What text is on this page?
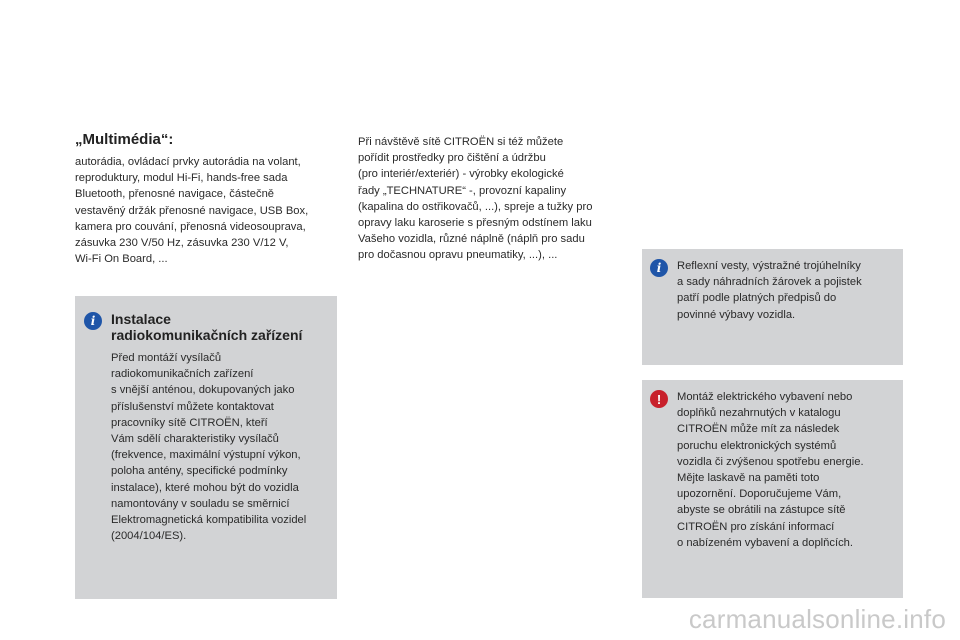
„Multimédia“:
autorádia, ovládací prvky autorádia na volant,
reproduktury, modul Hi-Fi, hands-free sada
Bluetooth, přenosné navigace, částečně
vestavěný držák přenosné navigace, USB Box,
kamera pro couvání, přenosná videosouprava,
zásuvka 230 V/50 Hz, zásuvka 230 V/12 V,
Wi-Fi On Board, ...
Při návštěvě sítě CITROËN si též můžete
pořídit prostředky pro čištění a údržbu
(pro interiér/exteriér) - výrobky ekologické
řady „TECHNATURE“ -, provozní kapaliny
(kapalina do ostřikovačů, ...), spreje a tužky pro
opravy laku karoserie s přesným odstínem laku
Vašeho vozidla, různé náplně (náplň pro sadu
pro dočasnou opravu pneumatiky, ...), ...
i	Instalace
radiokomunikačních zařízení
Před montáží vysílačů
radiokomunikačních zařízení
s vnější anténou, dokupovaných jako
příslušenství můžete kontaktovat
pracovníky sítě CITROËN, kteří
Vám sdělí charakteristiky vysílačů
(frekvence, maximální výstupní výkon,
poloha antény, specifické podmínky
instalace), které mohou být do vozidla
namontovány v souladu se směrnicí
Elektromagnetická kompatibilita vozidel
(2004/104/ES).
i	Reflexní vesty, výstražné trojúhelníky
a sady náhradních žárovek a pojistek
patří podle platných předpisů do
povinné výbavy vozidla.
!	Montáž elektrického vybavení nebo
doplňků nezahrnutých v katalogu
CITROËN může mít za následek
poruchu elektronických systémů
vozidla či zvýšenou spotřebu energie.
Mějte laskavě na paměti toto
upozornění. Doporučujeme Vám,
abyste se obrátili na zástupce sítě
CITROËN pro získání informací
o nabízeném vybavení a doplňcích.
carmanualsonline.info
